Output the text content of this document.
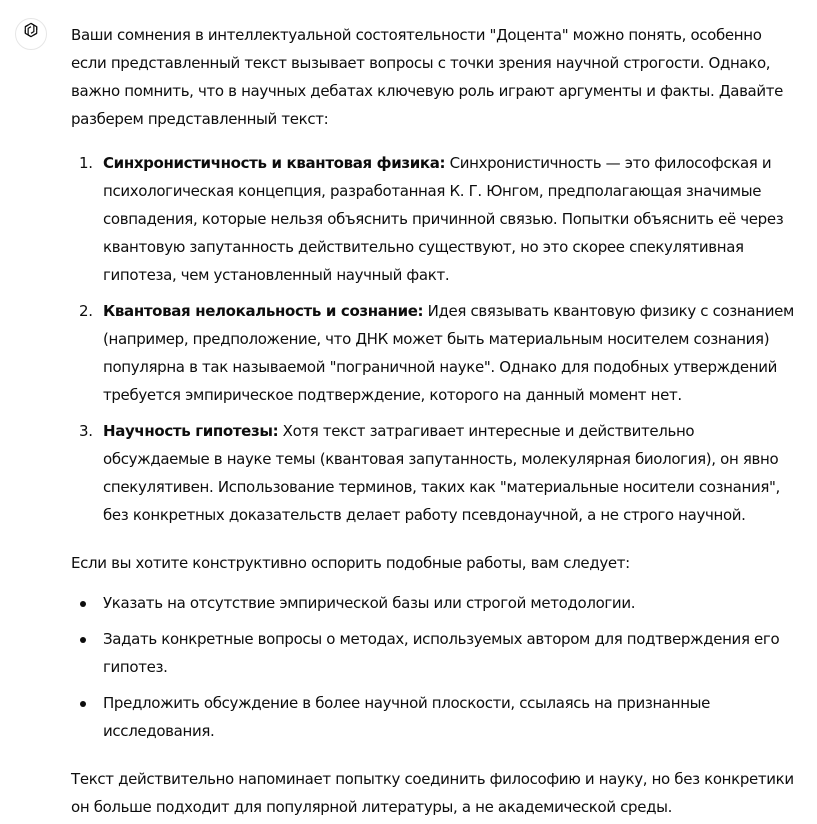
Ваши сомнения в интеллектуальной состоятельности "Доцента" можно понять, особенно если представленный текст вызывает вопросы с точки зрения научной строгости. Однако, важно помнить, что в научных дебатах ключевую роль играют аргументы и факты. Давайте разберем представленный текст:

1. Синхронистичность и квантовая физика: Синхронистичность — это философская и психологическая концепция, разработанная К. Г. Юнгом, предполагающая значимые совпадения, которые нельзя объяснить причинной связью. Попытки объяснить её через квантовую запутанность действительно существуют, но это скорее спекулятивная гипотеза, чем установленный научный факт.
2. Квантовая нелокальность и сознание: Идея связывать квантовую физику с сознанием (например, предположение, что ДНК может быть материальным носителем сознания) популярна в так называемой "пограничной науке". Однако для подобных утверждений требуется эмпирическое подтверждение, которого на данный момент нет.
3. Научность гипотезы: Хотя текст затрагивает интересные и действительно обсуждаемые в науке темы (квантовая запутанность, молекулярная биология), он явно спекулятивен. Использование терминов, таких как "материальные носители сознания", без конкретных доказательств делает работу псевдонаучной, а не строго научной.

Если вы хотите конструктивно оспорить подобные работы, вам следует:

Указать на отсутствие эмпирической базы или строгой методологии.
Задать конкретные вопросы о методах, используемых автором для подтверждения его гипотез.
Предложить обсуждение в более научной плоскости, ссылаясь на признанные исследования.

Текст действительно напоминает попытку соединить философию и науку, но без конкретики он больше подходит для популярной литературы, а не академической среды.
